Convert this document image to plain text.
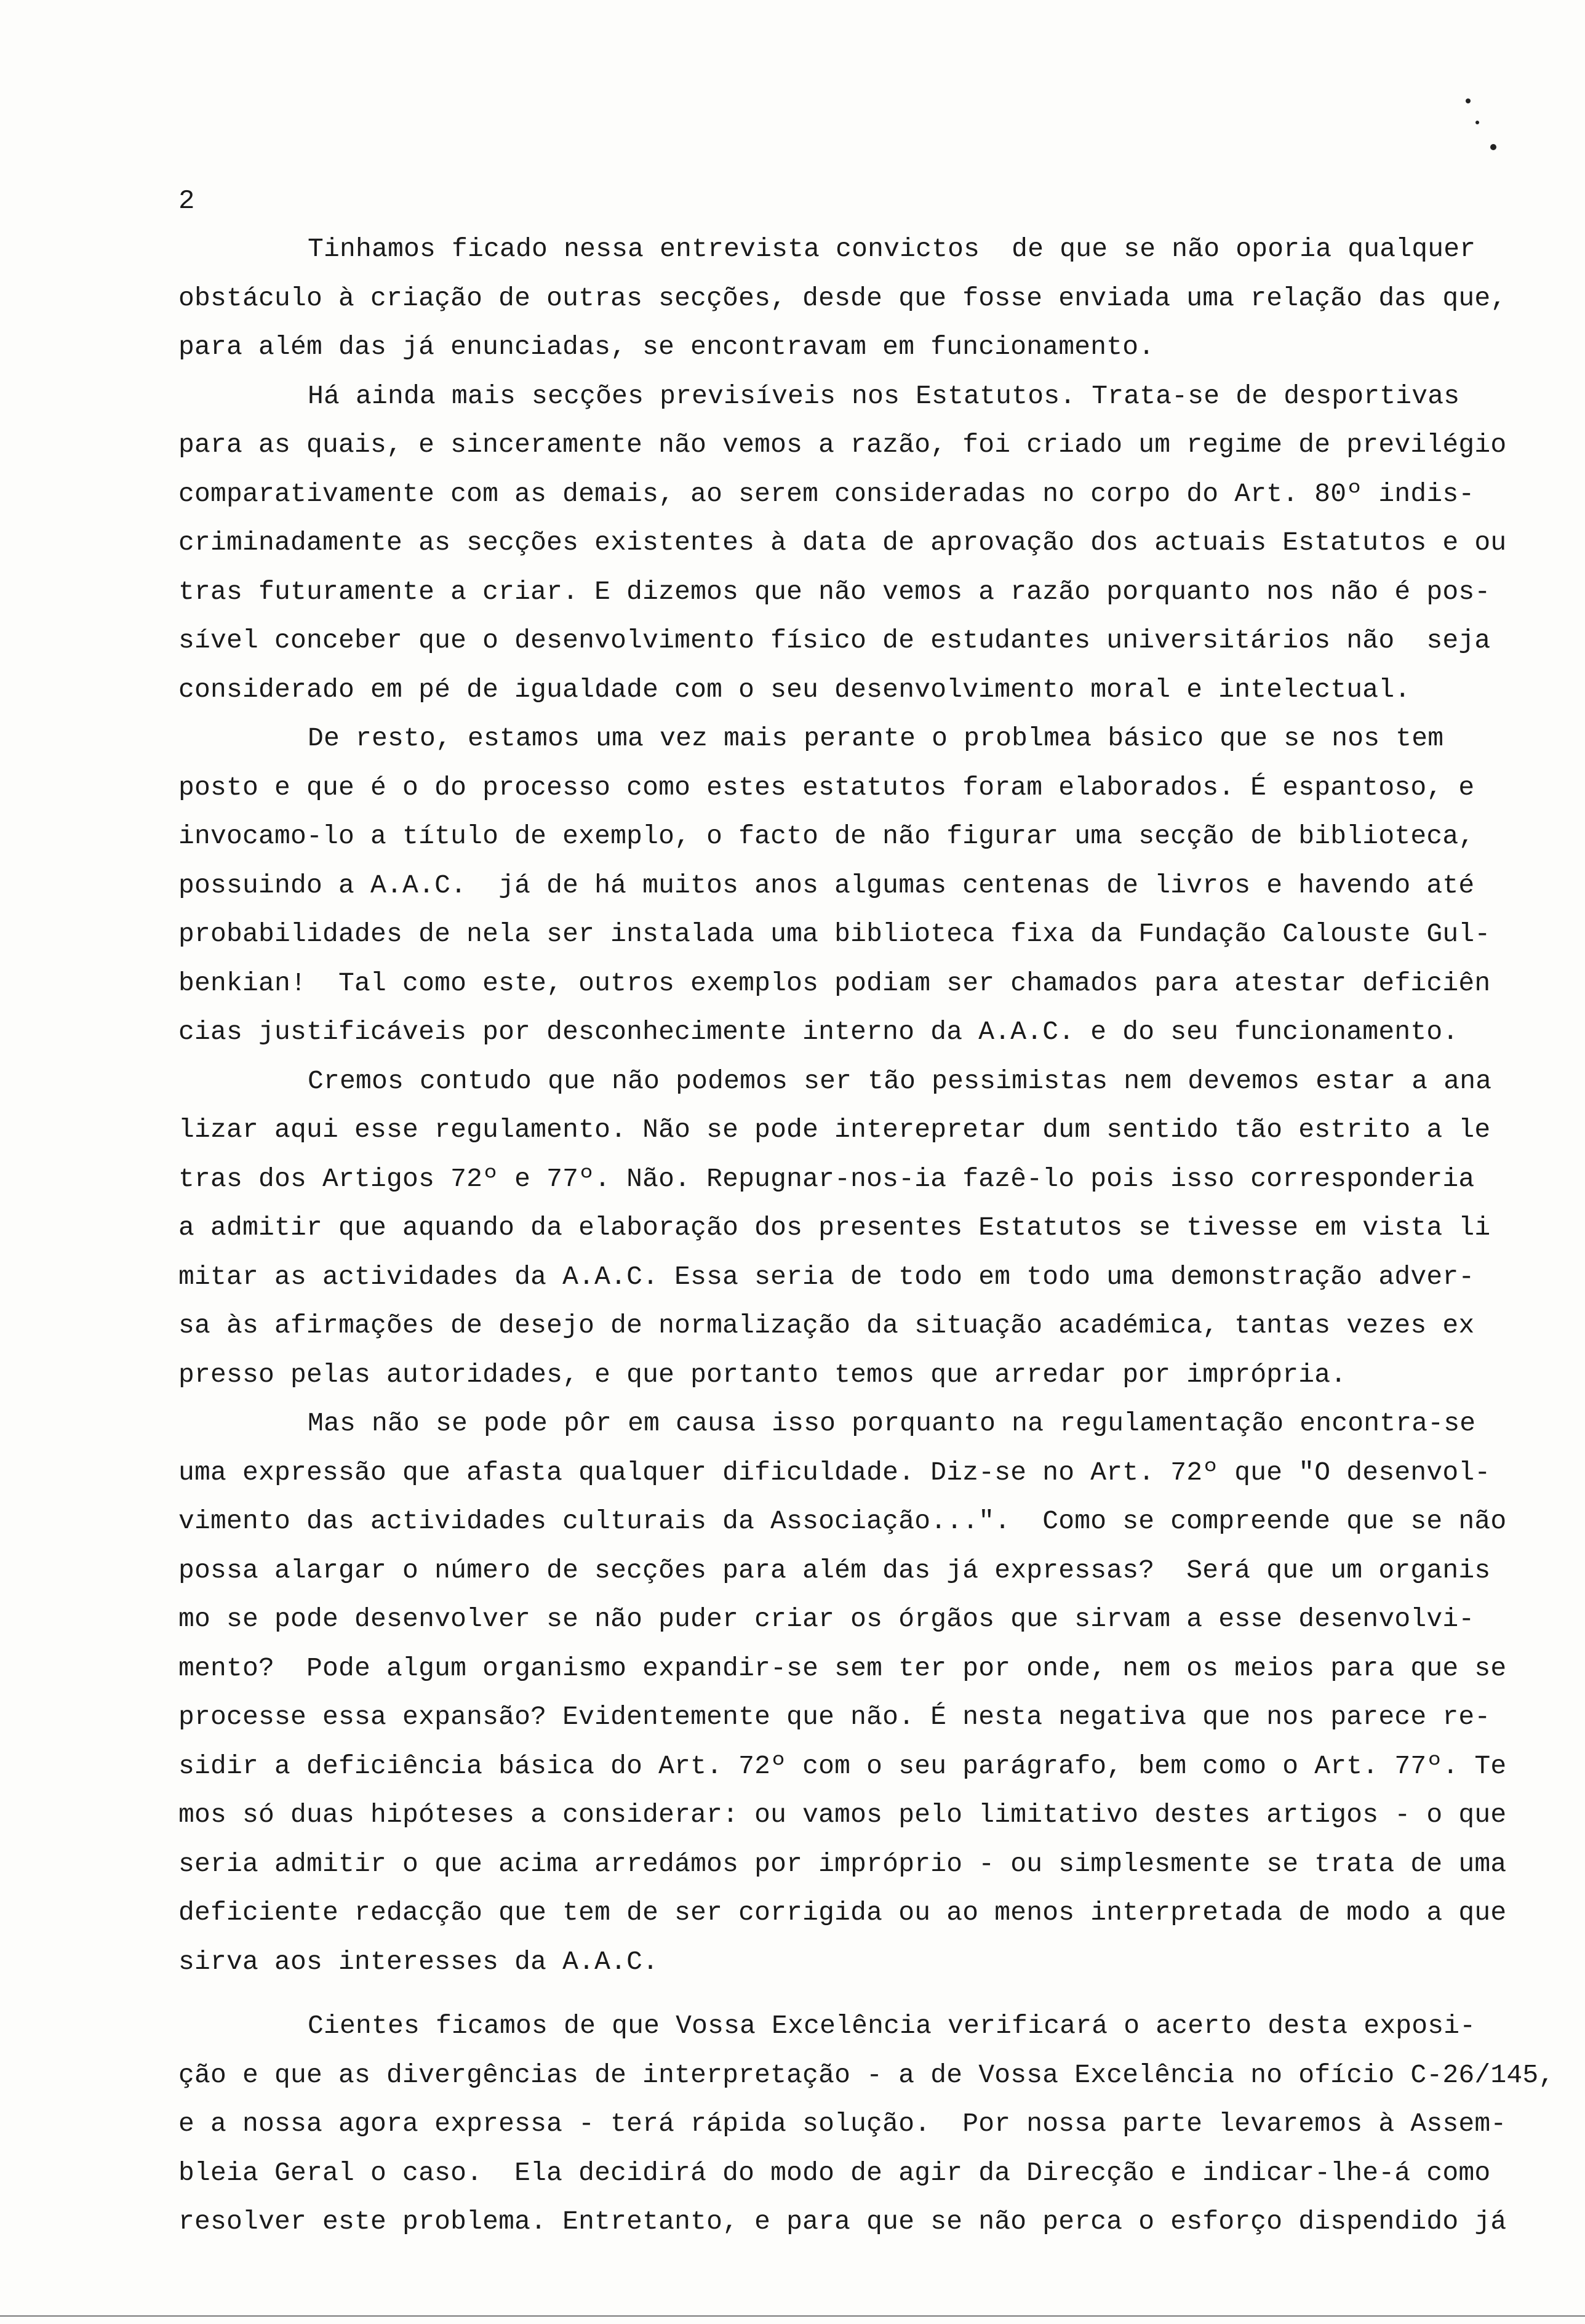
2
Tinhamos ficado nessa entrevista convictos  de que se não oporia qualquer
obstáculo à criação de outras secções, desde que fosse enviada uma relação das que,
para além das já enunciadas, se encontravam em funcionamento.
Há ainda mais secções previsíveis nos Estatutos. Trata-se de desportivas
para as quais, e sinceramente não vemos a razão, foi criado um regime de previlégio
comparativamente com as demais, ao serem consideradas no corpo do Art. 80º indis-
criminadamente as secções existentes à data de aprovação dos actuais Estatutos e ou
tras futuramente a criar. E dizemos que não vemos a razão porquanto nos não é pos-
sível conceber que o desenvolvimento físico de estudantes universitários não  seja
considerado em pé de igualdade com o seu desenvolvimento moral e intelectual.
De resto, estamos uma vez mais perante o problmea básico que se nos tem
posto e que é o do processo como estes estatutos foram elaborados. É espantoso, e
invocamo-lo a título de exemplo, o facto de não figurar uma secção de biblioteca,
possuindo a A.A.C.  já de há muitos anos algumas centenas de livros e havendo até
probabilidades de nela ser instalada uma biblioteca fixa da Fundação Calouste Gul-
benkian!  Tal como este, outros exemplos podiam ser chamados para atestar deficiên
cias justificáveis por desconhecimente interno da A.A.C. e do seu funcionamento.
Cremos contudo que não podemos ser tão pessimistas nem devemos estar a ana
lizar aqui esse regulamento. Não se pode interepretar dum sentido tão estrito a le
tras dos Artigos 72º e 77º. Não. Repugnar-nos-ia fazê-lo pois isso corresponderia
a admitir que aquando da elaboração dos presentes Estatutos se tivesse em vista li
mitar as actividades da A.A.C. Essa seria de todo em todo uma demonstração adver-
sa às afirmações de desejo de normalização da situação académica, tantas vezes ex
presso pelas autoridades, e que portanto temos que arredar por imprópria.
Mas não se pode pôr em causa isso porquanto na regulamentação encontra-se
uma expressão que afasta qualquer dificuldade. Diz-se no Art. 72º que "O desenvol-
vimento das actividades culturais da Associação...".  Como se compreende que se não
possa alargar o número de secções para além das já expressas?  Será que um organis
mo se pode desenvolver se não puder criar os órgãos que sirvam a esse desenvolvi-
mento?  Pode algum organismo expandir-se sem ter por onde, nem os meios para que se
processe essa expansão? Evidentemente que não. É nesta negativa que nos parece re-
sidir a deficiência básica do Art. 72º com o seu parágrafo, bem como o Art. 77º. Te
mos só duas hipóteses a considerar: ou vamos pelo limitativo destes artigos - o que
seria admitir o que acima arredámos por impróprio - ou simplesmente se trata de uma
deficiente redacção que tem de ser corrigida ou ao menos interpretada de modo a que
sirva aos interesses da A.A.C.
Cientes ficamos de que Vossa Excelência verificará o acerto desta exposi-
ção e que as divergências de interpretação - a de Vossa Excelência no ofício C-26/145,
e a nossa agora expressa - terá rápida solução.  Por nossa parte levaremos à Assem-
bleia Geral o caso.  Ela decidirá do modo de agir da Direcção e indicar-lhe-á como
resolver este problema. Entretanto, e para que se não perca o esforço dispendido já
